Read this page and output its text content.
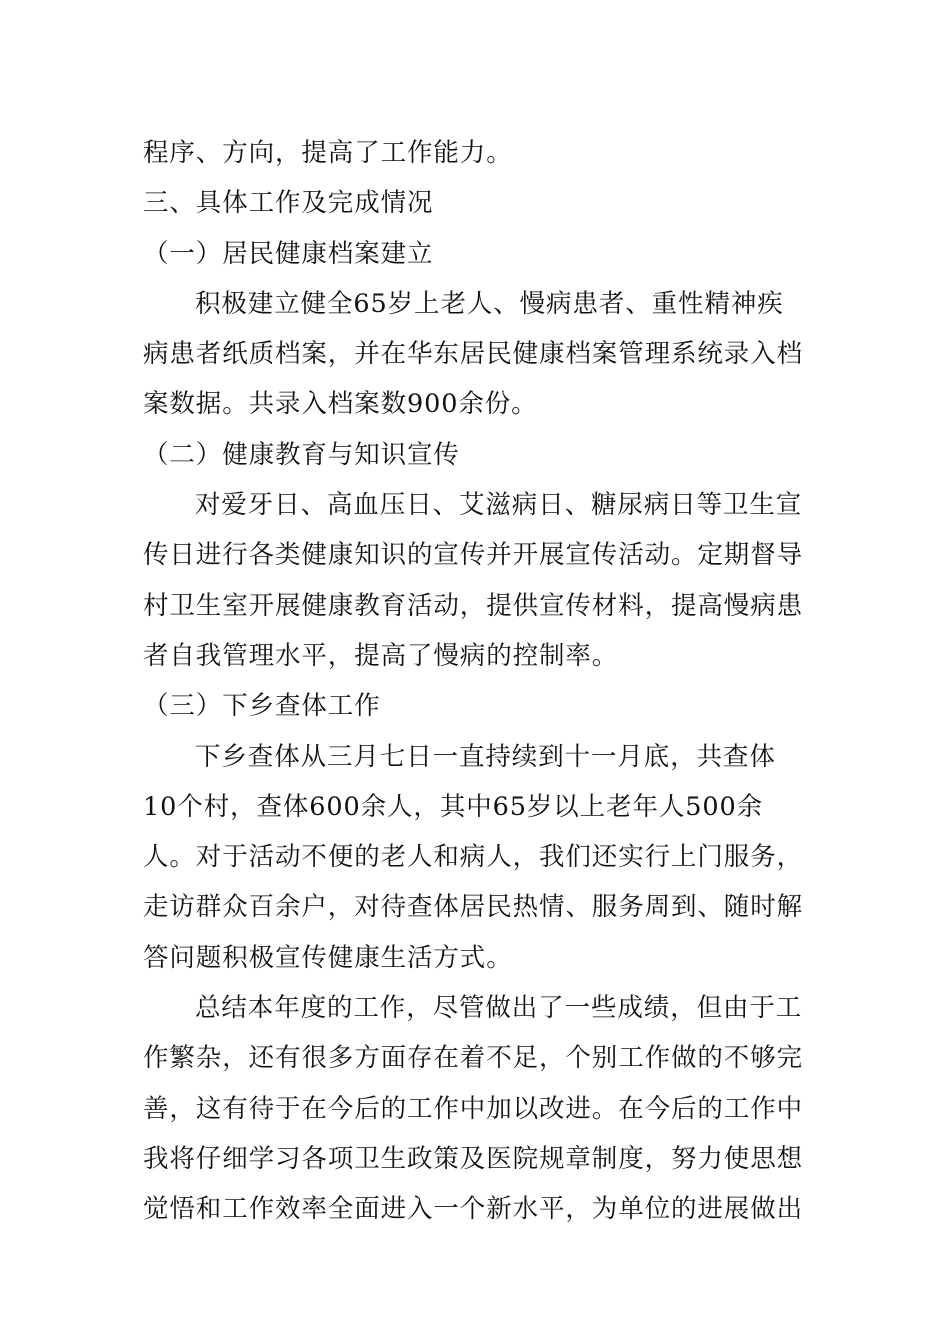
程序、方向，提高了工作能力。

三、具体工作及完成情况

（一）居民健康档案建立

积极建立健全65岁上老人、慢病患者、重性精神疾病患者纸质档案，并在华东居民健康档案管理系统录入档案数据。共录入档案数900余份。

（二）健康教育与知识宣传

对爱牙日、高血压日、艾滋病日、糖尿病日等卫生宣传日进行各类健康知识的宣传并开展宣传活动。定期督导村卫生室开展健康教育活动，提供宣传材料，提高慢病患者自我管理水平，提高了慢病的控制率。

（三）下乡查体工作

下乡查体从三月七日一直持续到十一月底，共查体10个村，查体600余人，其中65岁以上老年人500余人。对于活动不便的老人和病人，我们还实行上门服务，走访群众百余户，对待查体居民热情、服务周到、随时解答问题积极宣传健康生活方式。

总结本年度的工作，尽管做出了一些成绩，但由于工作繁杂，还有很多方面存在着不足，个别工作做的不够完善，这有待于在今后的工作中加以改进。在今后的工作中我将仔细学习各项卫生政策及医院规章制度，努力使思想觉悟和工作效率全面进入一个新水平，为单位的进展做出
